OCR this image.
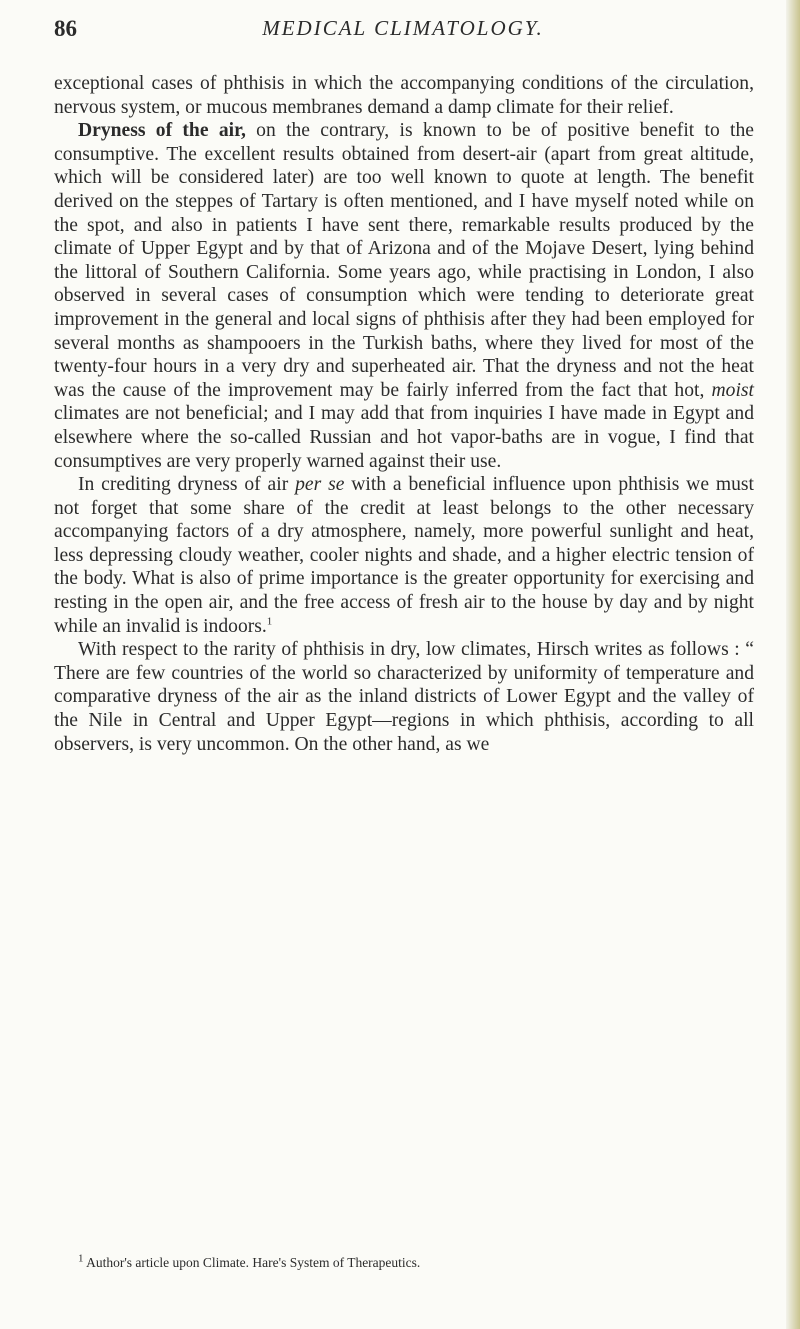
86	MEDICAL CLIMATOLOGY.

exceptional cases of phthisis in which the accompanying conditions of the circulation, nervous system, or mucous membranes demand a damp climate for their relief.

Dryness of the air, on the contrary, is known to be of positive benefit to the consumptive. The excellent results obtained from desert-air (apart from great altitude, which will be considered later) are too well known to quote at length. The benefit derived on the steppes of Tartary is often mentioned, and I have myself noted while on the spot, and also in patients I have sent there, remarkable results produced by the climate of Upper Egypt and by that of Arizona and of the Mojave Desert, lying behind the littoral of Southern California. Some years ago, while practising in London, I also observed in several cases of consumption which were tending to deteriorate great improvement in the general and local signs of phthisis after they had been employed for several months as shampooers in the Turkish baths, where they lived for most of the twenty-four hours in a very dry and superheated air. That the dryness and not the heat was the cause of the improvement may be fairly inferred from the fact that hot, moist climates are not beneficial; and I may add that from inquiries I have made in Egypt and elsewhere where the so-called Russian and hot vapor-baths are in vogue, I find that consumptives are very properly warned against their use.

In crediting dryness of air per se with a beneficial influence upon phthisis we must not forget that some share of the credit at least belongs to the other necessary accompanying factors of a dry atmosphere, namely, more powerful sunlight and heat, less depressing cloudy weather, cooler nights and shade, and a higher electric tension of the body. What is also of prime importance is the greater opportunity for exercising and resting in the open air, and the free access of fresh air to the house by day and by night while an invalid is indoors.$^1$

With respect to the rarity of phthisis in dry, low climates, Hirsch writes as follows : “ There are few countries of the world so characterized by uniformity of temperature and comparative dryness of the air as the inland districts of Lower Egypt and the valley of the Nile in Central and Upper Egypt—regions in which phthisis, according to all observers, is very uncommon. On the other hand, as we

$^1$ Author's article upon Climate. Hare's System of Therapeutics.
